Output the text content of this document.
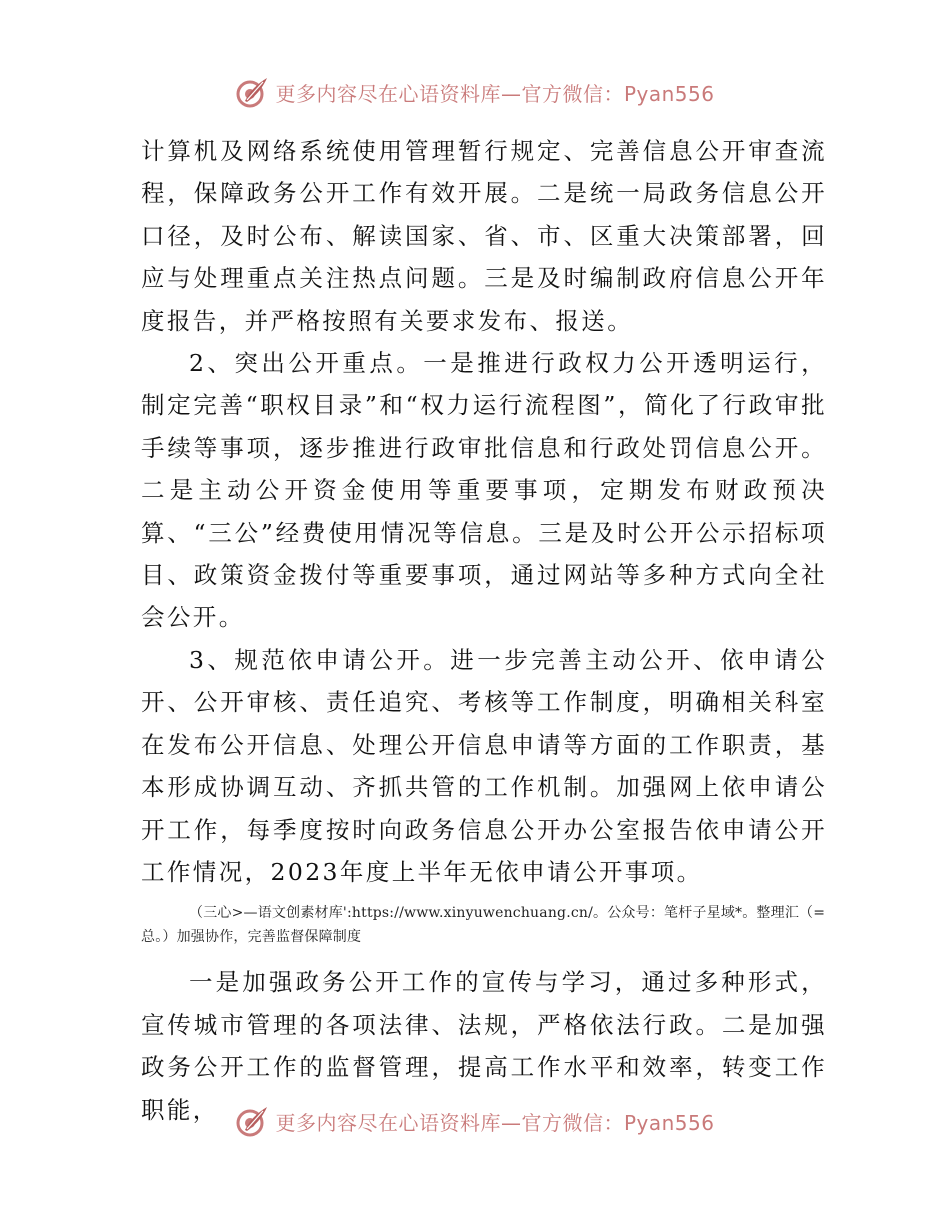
更多内容尽在心语资料库—官方微信：Pyan556

计算机及网络系统使用管理暂行规定、完善信息公开审查流程，保障政务公开工作有效开展。二是统一局政务信息公开口径，及时公布、解读国家、省、市、区重大决策部署，回应与处理重点关注热点问题。三是及时编制政府信息公开年度报告，并严格按照有关要求发布、报送。

2、突出公开重点。一是推进行政权力公开透明运行，制定完善“职权目录”和“权力运行流程图”，简化了行政审批手续等事项，逐步推进行政审批信息和行政处罚信息公开。二是主动公开资金使用等重要事项，定期发布财政预决算、“三公”经费使用情况等信息。三是及时公开公示招标项目、政策资金拨付等重要事项，通过网站等多种方式向全社会公开。

3、规范依申请公开。进一步完善主动公开、依申请公开、公开审核、责任追究、考核等工作制度，明确相关科室在发布公开信息、处理公开信息申请等方面的工作职责，基本形成协调互动、齐抓共管的工作机制。加强网上依申请公开工作，每季度按时向政务信息公开办公室报告依申请公开工作情况，2023年度上半年无依申请公开事项。

（三心>—语文创素材库':https://www.xinyuwenchuang.cn/。公众号：笔杆子星域*。整理汇（=总。）加强协作，完善监督保障制度

一是加强政务公开工作的宣传与学习，通过多种形式，宣传城市管理的各项法律、法规，严格依法行政。二是加强政务公开工作的监督管理，提高工作水平和效率，转变工作职能，	更多内容尽在心语资料库—官方微信：Pyan556
